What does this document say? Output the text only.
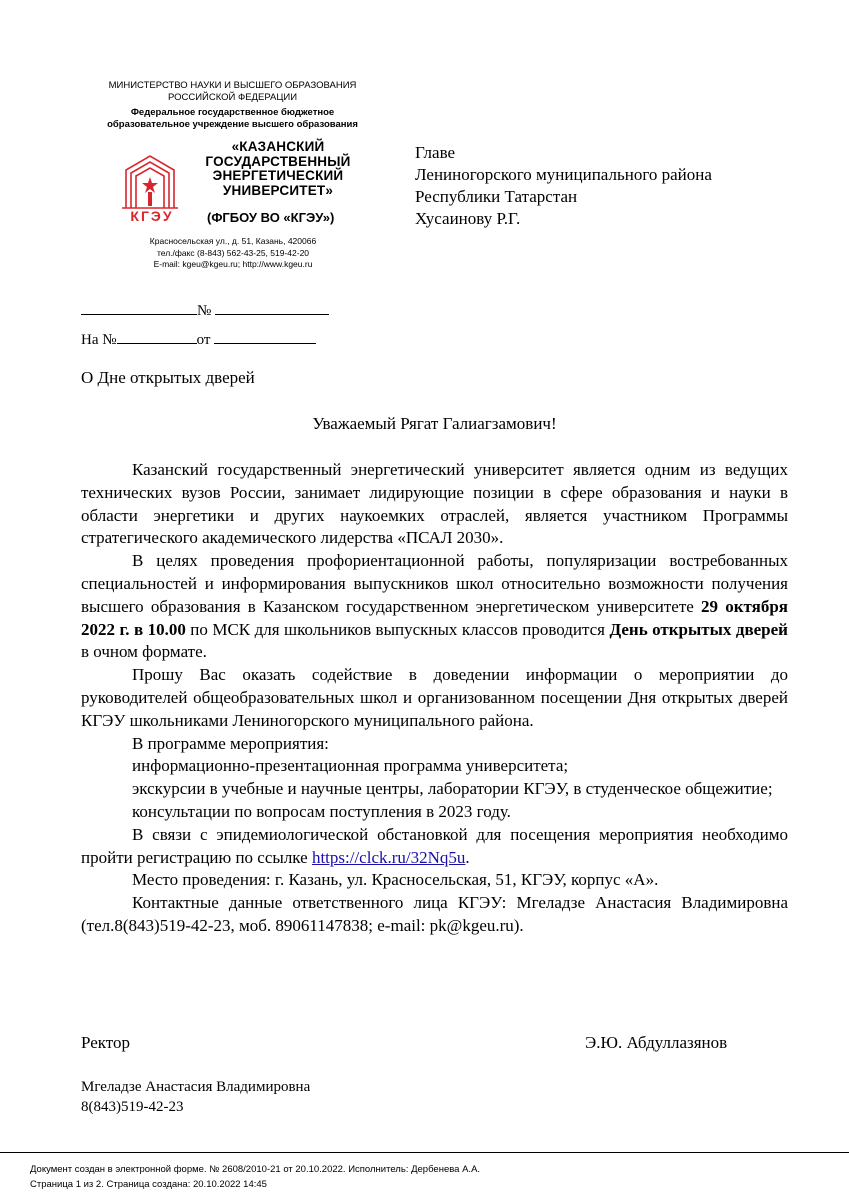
МИНИСТЕРСТВО НАУКИ И ВЫСШЕГО ОБРАЗОВАНИЯ
РОССИЙСКОЙ ФЕДЕРАЦИИ
Федеральное государственное бюджетное
образовательное учреждение высшего образования
КГЭУ
«КАЗАНСКИЙ
ГОСУДАРСТВЕННЫЙ
ЭНЕРГЕТИЧЕСКИЙ
УНИВЕРСИТЕТ»
(ФГБОУ ВО «КГЭУ»)
Красносельская ул., д. 51, Казань, 420066
тел./факс (8-843) 562-43-25, 519-42-20
E-mail: kgeu@kgeu.ru; http://www.kgeu.ru
Главе
Лениногорского муниципального района
Республики Татарстан
Хусаинову Р.Г.
№
На №	от
О Дне открытых дверей
Уважаемый Рягат Галиагзамович!

Казанский государственный энергетический университет является одним из ведущих технических вузов России, занимает лидирующие позиции в сфере образования и науки в области энергетики и других наукоемких отраслей, является участником Программы стратегического академического лидерства «ПСАЛ 2030».

В целях проведения профориентационной работы, популяризации востребованных специальностей и информирования выпускников школ относительно возможности получения высшего образования в Казанском государственном энергетическом университете 29 октября 2022 г. в 10.00 по МСК для школьников выпускных классов проводится День открытых дверей в очном формате.

Прошу Вас оказать содействие в доведении информации о мероприятии до руководителей общеобразовательных школ и организованном посещении Дня открытых дверей КГЭУ школьниками Лениногорского муниципального района.

В программе мероприятия:

информационно-презентационная программа университета;

экскурсии в учебные и научные центры, лаборатории КГЭУ, в студенческое общежитие;

консультации по вопросам поступления в 2023 году.

В связи с эпидемиологической обстановкой для посещения мероприятия необходимо пройти регистрацию по ссылке https://clck.ru/32Nq5u.

Место проведения: г. Казань, ул. Красносельская, 51, КГЭУ, корпус «А».

Контактные данные ответственного лица КГЭУ: Мгеладзе Анастасия Владимировна (тел.8(843)519-42-23, моб. 89061147838; e-mail: pk@kgeu.ru).

Ректор	Э.Ю. Абдуллазянов
Мгеладзе Анастасия Владимировна
8(843)519-42-23
Документ создан в электронной форме. № 2608/2010-21 от 20.10.2022. Исполнитель: Дербенева А.А.
Страница 1 из 2. Страница создана: 20.10.2022 14:45
